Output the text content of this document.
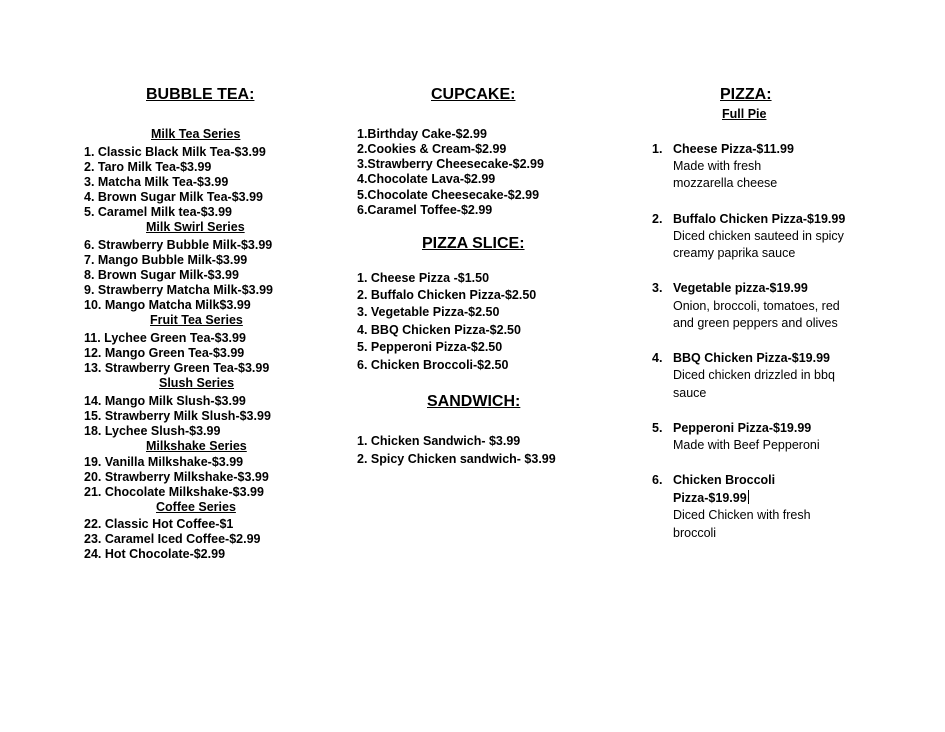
BUBBLE TEA:
Milk Tea Series
1. Classic Black Milk Tea-$3.99
2. Taro Milk Tea-$3.99
3. Matcha Milk Tea-$3.99
4. Brown Sugar Milk Tea-$3.99
5. Caramel Milk tea-$3.99
Milk Swirl Series
6. Strawberry Bubble Milk-$3.99
7. Mango Bubble Milk-$3.99
8. Brown Sugar Milk-$3.99
9. Strawberry Matcha Milk-$3.99
10. Mango Matcha Milk$3.99
Fruit Tea Series
11. Lychee Green Tea-$3.99
12. Mango Green Tea-$3.99
13. Strawberry Green Tea-$3.99
Slush Series
14. Mango Milk Slush-$3.99
15. Strawberry Milk Slush-$3.99
18. Lychee Slush-$3.99
Milkshake Series
19. Vanilla Milkshake-$3.99
20. Strawberry Milkshake-$3.99
21. Chocolate Milkshake-$3.99
Coffee Series
22. Classic Hot Coffee-$1
23. Caramel Iced Coffee-$2.99
24. Hot Chocolate-$2.99
CUPCAKE:
1.Birthday Cake-$2.99
2.Cookies & Cream-$2.99
3.Strawberry Cheesecake-$2.99
4.Chocolate Lava-$2.99
5.Chocolate Cheesecake-$2.99
6.Caramel Toffee-$2.99
PIZZA SLICE:
1. Cheese Pizza -$1.50
2. Buffalo Chicken Pizza-$2.50
3. Vegetable Pizza-$2.50
4. BBQ Chicken Pizza-$2.50
5. Pepperoni Pizza-$2.50
6. Chicken Broccoli-$2.50
SANDWICH:
1. Chicken Sandwich- $3.99
2. Spicy Chicken sandwich- $3.99
PIZZA:
Full Pie
1. Cheese Pizza-$11.99
Made with fresh
mozzarella cheese
2. Buffalo Chicken Pizza-$19.99
Diced chicken sauteed in spicy
creamy paprika sauce
3. Vegetable pizza-$19.99
Onion, broccoli, tomatoes, red
and green peppers and olives
4. BBQ Chicken Pizza-$19.99
Diced chicken drizzled in bbq
sauce
5. Pepperoni Pizza-$19.99
Made with Beef Pepperoni
6. Chicken Broccoli
Pizza-$19.99
Diced Chicken with fresh
broccoli
